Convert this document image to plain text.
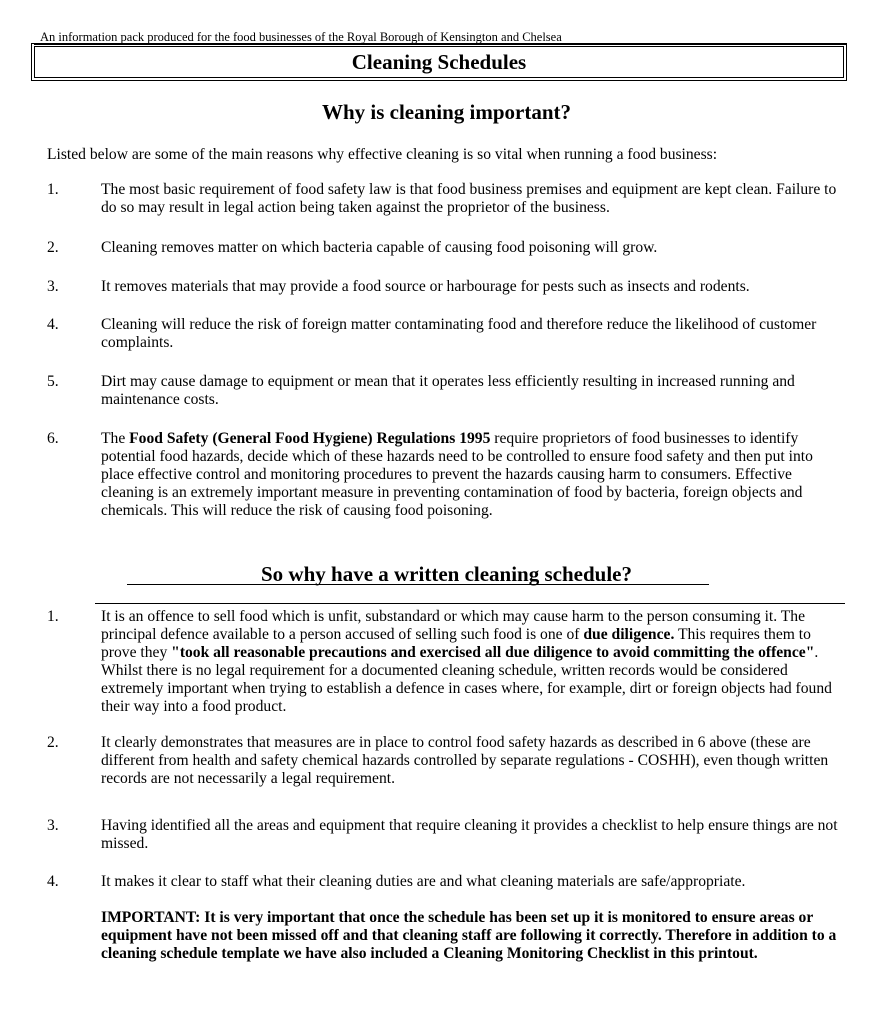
An information pack produced for the food businesses of the Royal Borough of Kensington and Chelsea
Cleaning Schedules
Why is cleaning important?
Listed below are some of the main reasons why effective cleaning is so vital when running a food business:
1.	The most basic requirement of food safety law is that food business premises and equipment are kept clean. Failure to do so may result in legal action being taken against the proprietor of the business.
2.	Cleaning removes matter on which bacteria capable of causing food poisoning will grow.
3.	It removes materials that may provide a food source or harbourage for pests such as insects and rodents.
4.	Cleaning will reduce the risk of foreign matter contaminating food and therefore reduce the likelihood of customer complaints.
5.	Dirt may cause damage to equipment or mean that it operates less efficiently resulting in increased running and maintenance costs.
6.	The Food Safety (General Food Hygiene) Regulations 1995 require proprietors of food businesses to identify potential food hazards, decide which of these hazards need to be controlled to ensure food safety and then put into place effective control and monitoring procedures to prevent the hazards causing harm to consumers. Effective cleaning is an extremely important measure in preventing contamination of food by bacteria, foreign objects and chemicals. This will reduce the risk of causing food poisoning.
So why have a written cleaning schedule?
1.	It is an offence to sell food which is unfit, substandard or which may cause harm to the person consuming it. The principal defence available to a person accused of selling such food is one of due diligence. This requires them to prove they "took all reasonable precautions and exercised all due diligence to avoid committing the offence". Whilst there is no legal requirement for a documented cleaning schedule, written records would be considered extremely important when trying to establish a defence in cases where, for example, dirt or foreign objects had found their way into a food product.
2.	It clearly demonstrates that measures are in place to control food safety hazards as described in 6 above (these are different from health and safety chemical hazards controlled by separate regulations - COSHH), even though written records are not necessarily a legal requirement.
3.	Having identified all the areas and equipment that require cleaning it provides a checklist to help ensure things are not missed.
4.	It makes it clear to staff what their cleaning duties are and what cleaning materials are safe/appropriate.
IMPORTANT: It is very important that once the schedule has been set up it is monitored to ensure areas or equipment have not been missed off and that cleaning staff are following it correctly. Therefore in addition to a cleaning schedule template we have also included a Cleaning Monitoring Checklist in this printout.
